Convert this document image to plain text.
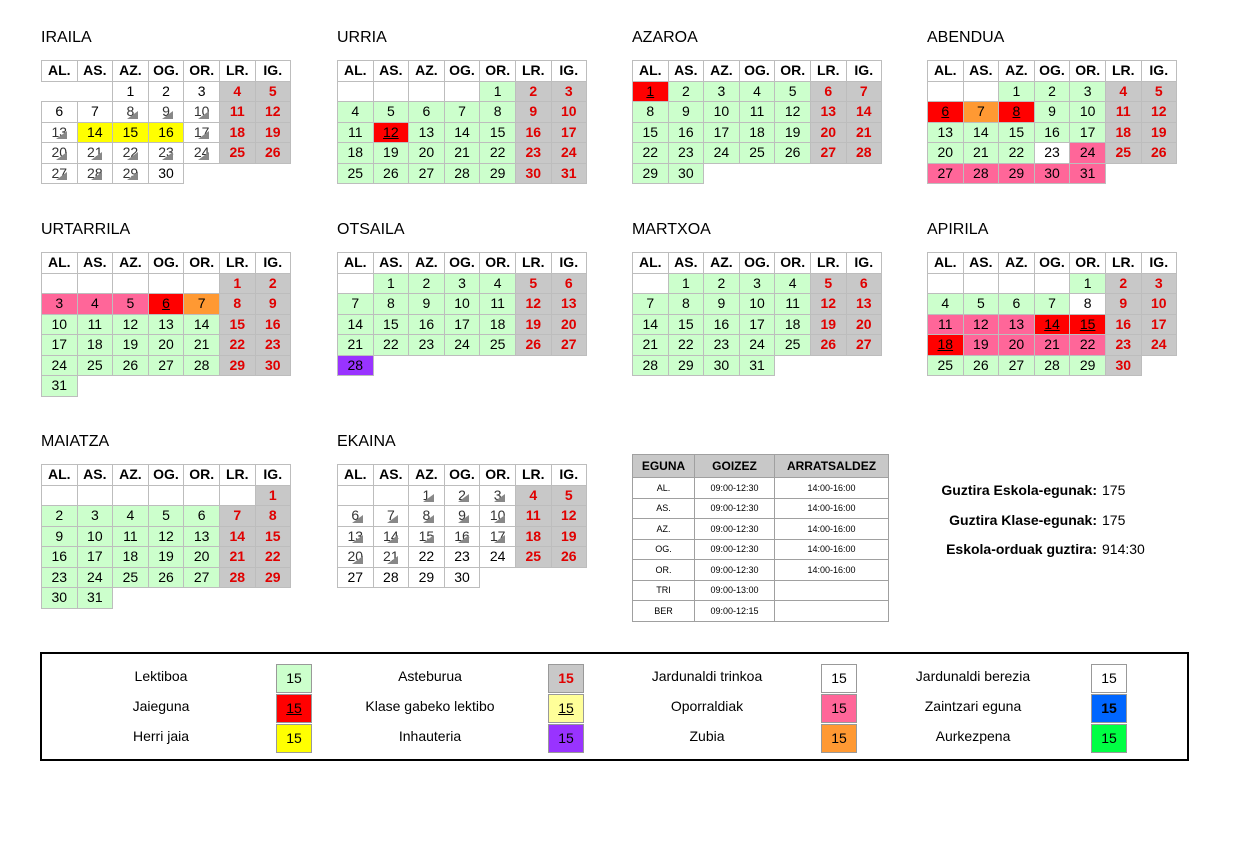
IRAILA
AL.	AS.	AZ.	OG.	OR.	LR.	IG.
		1	2	3	4	5
6	7	8	9	10	11	12
13	14	15	16	17	18	19
20	21	22	23	24	25	26
27	28	29	30			
URRIA
AL.	AS.	AZ.	OG.	OR.	LR.	IG.
				1	2	3
4	5	6	7	8	9	10
11	12	13	14	15	16	17
18	19	20	21	22	23	24
25	26	27	28	29	30	31
AZAROA
AL.	AS.	AZ.	OG.	OR.	LR.	IG.
1	2	3	4	5	6	7
8	9	10	11	12	13	14
15	16	17	18	19	20	21
22	23	24	25	26	27	28
29	30					
ABENDUA
AL.	AS.	AZ.	OG.	OR.	LR.	IG.
		1	2	3	4	5
6	7	8	9	10	11	12
13	14	15	16	17	18	19
20	21	22	23	24	25	26
27	28	29	30	31		
URTARRILA
AL.	AS.	AZ.	OG.	OR.	LR.	IG.
					1	2
3	4	5	6	7	8	9
10	11	12	13	14	15	16
17	18	19	20	21	22	23
24	25	26	27	28	29	30
31						
OTSAILA
AL.	AS.	AZ.	OG.	OR.	LR.	IG.
	1	2	3	4	5	6
7	8	9	10	11	12	13
14	15	16	17	18	19	20
21	22	23	24	25	26	27
28						
MARTXOA
AL.	AS.	AZ.	OG.	OR.	LR.	IG.
	1	2	3	4	5	6
7	8	9	10	11	12	13
14	15	16	17	18	19	20
21	22	23	24	25	26	27
28	29	30	31			
APIRILA
AL.	AS.	AZ.	OG.	OR.	LR.	IG.
				1	2	3
4	5	6	7	8	9	10
11	12	13	14	15	16	17
18	19	20	21	22	23	24
25	26	27	28	29	30	
MAIATZA
AL.	AS.	AZ.	OG.	OR.	LR.	IG.
						1
2	3	4	5	6	7	8
9	10	11	12	13	14	15
16	17	18	19	20	21	22
23	24	25	26	27	28	29
30	31					
EKAINA
AL.	AS.	AZ.	OG.	OR.	LR.	IG.
		1	2	3	4	5
6	7	8	9	10	11	12
13	14	15	16	17	18	19
20	21	22	23	24	25	26
27	28	29	30			
EGUNA	GOIZEZ	ARRATSALDEZ
AL.	09:00-12:30	14:00-16:00
AS.	09:00-12:30	14:00-16:00
AZ.	09:00-12:30	14:00-16:00
OG.	09:00-12:30	14:00-16:00
OR.	09:00-12:30	14:00-16:00
TRI	09:00-13:00	
BER	09:00-12:15	
Guztira Eskola-egunak: 175
Guztira Klase-egunak: 175
Eskola-orduak guztira: 914:30
Lektiboa	15	Asteburua	15	Jardunaldi trinkoa	15	Jardunaldi berezia	15
Jaieguna	15	Klase gabeko lektibo	15	Oporraldiak	15	Zaintzari eguna	15
Herri jaia	15	Inhauteria	15	Zubia	15	Aurkezpena	15
